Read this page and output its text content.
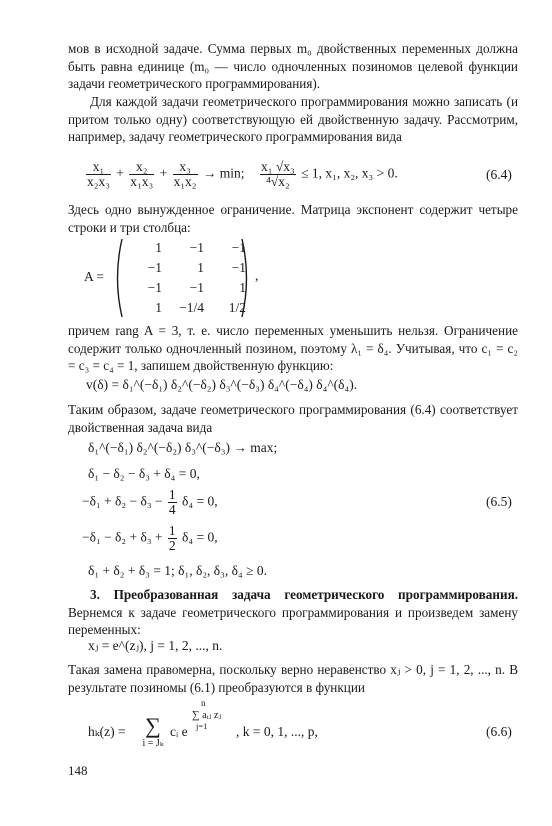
мов в исходной задаче. Сумма первых m₀ двойственных переменных должна быть равна единице (m₀ — число одночленных позиномов целевой функции задачи геометрического программирования).
Для каждой задачи геометрического программирования можно записать (и притом только одну) соответствующую ей двойственную задачу. Рассмотрим, например, задачу геометрического программирования вида
$\frac{\text{x₁}}{\text{x₂x₃}} + \frac{\text{x₂}}{\text{x₁x₃}} + \frac{\text{x₃}}{\text{x₁x₂}} \to \min$; $\frac{\text{x₁ √x₃}}{\text{⁴√x₂}} \le 1$, x₁, x₂, x₃ > 0.	(6.4)
Здесь одно вынужденное ограничение. Матрица экспонент содержит четыре строки и три столбца:
A =
1	−1	−1
−1	1	−1
−1	−1	1
1	−1/4	1/2
,
причем rang A = 3, т. е. число переменных уменьшить нельзя. Ограничение содержит только одночленный позином, поэтому λ₁ = δ₄. Учитывая, что c₁ = c₂ = c₃ = c₄ = 1, запишем двойственную функцию:
v(δ) = δ₁^(−δ₁) δ₂^(−δ₂) δ₃^(−δ₃) δ₄^(−δ₄) δ₄^(δ₄).
Таким образом, задаче геометрического программирования (6.4) соответствует двойственная задача вида
δ₁^(−δ₁) δ₂^(−δ₂) δ₃^(−δ₃) → max;
δ₁ − δ₂ − δ₃ + δ₄ = 0,
$-\delta_1 + \delta_2 - \delta_3 - \frac{1}{4} \delta_4 = 0$,	(6.5)
$-\delta_1 - \delta_2 + \delta_3 + \frac{1}{2} \delta_4 = 0$,
δ₁ + δ₂ + δ₃ = 1; δ₁, δ₂, δ₃, δ₄ ≥ 0.
3. Преобразованная задача геометрического программирования. Вернемся к задаче геометрического программирования и произведем замену переменных:
xⱼ = e^(zⱼ), j = 1, 2, ..., n.
Такая замена правомерна, поскольку верно неравенство xⱼ > 0, j = 1, 2, ..., n. В результате позиномы (6.1) преобразуются в функции
hₖ(z) = ∑
i = Jₖ
cᵢ e
n
∑ aᵢⱼ zⱼ
j=1 , k = 0, 1, ..., p,	(6.6)
148
